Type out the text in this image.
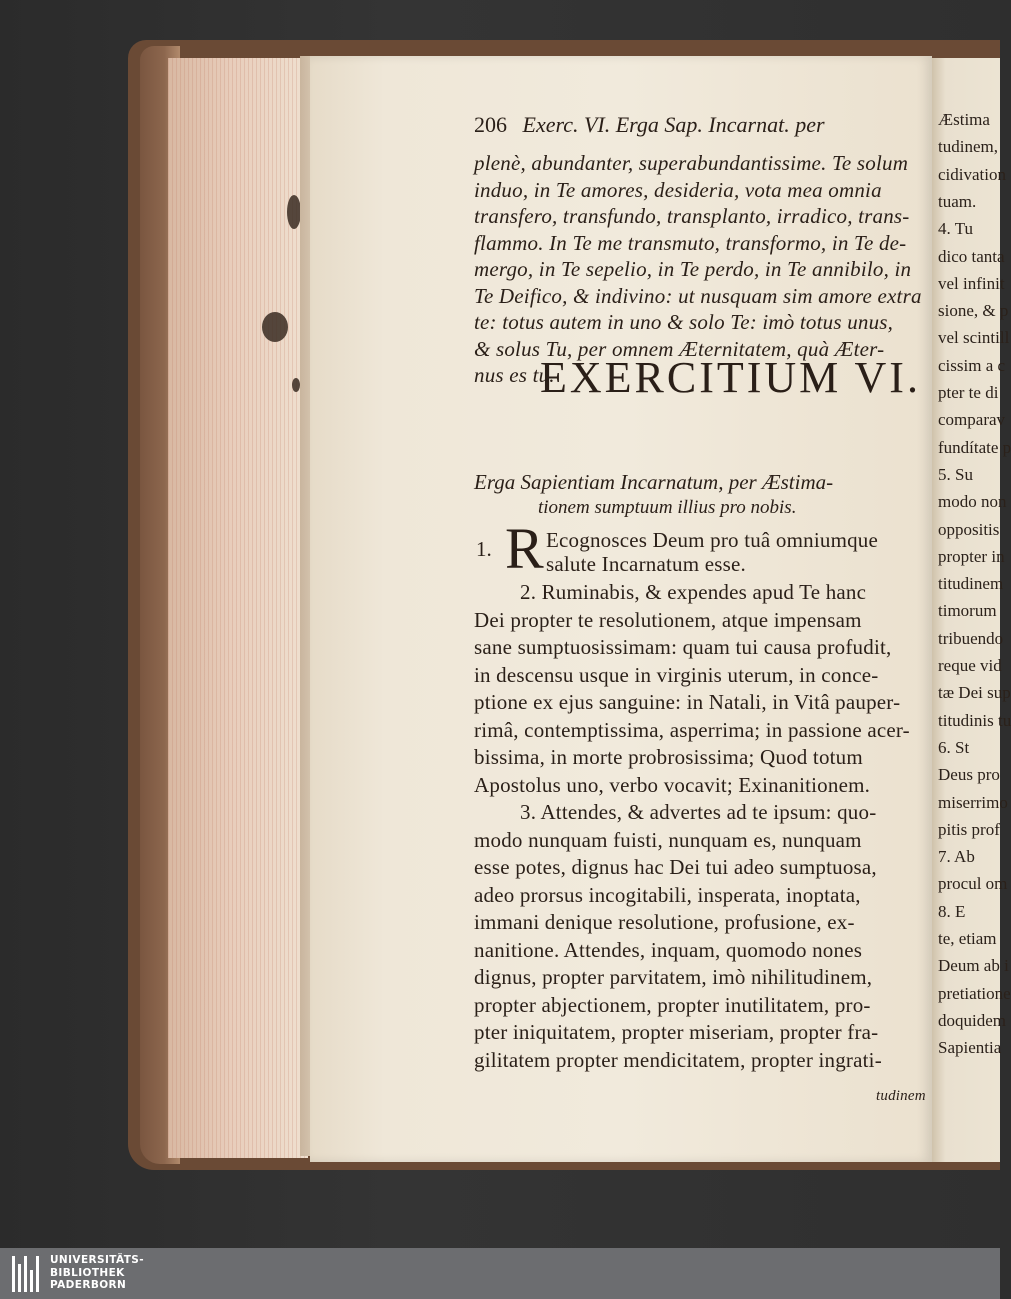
Æstima
tudinem,
cidivation
tuam.
4. Tu
dico tanta
vel infinit
sione, & p
vel scintill
cissim a c
pter te di
comparav
fundítate p
5. Su
modo non
oppositis
propter in
titudinem
timorum
tribuendo
reque vid
tæ Dei sup
titudinis tu
6. St
Deus pro
miserrimo
pitis prof
7. Ab
procul om
8. E
te, etiam
Deum ab i
pretiatione
doquidem
Sapientia
206 Exerc. VI. Erga Sap. Incarnat. per
plenè, abundanter, superabundantissime. Te solum
induo, in Te amores, desideria, vota mea omnia
transfero, transfundo, transplanto, irradico, trans-
flammo. In Te me transmuto, transformo, in Te de-
mergo, in Te sepelio, in Te perdo, in Te annibilo, in
Te Deifico, & indivino: ut nusquam sim amore extra
te: totus autem in uno & solo Te: imò totus unus,
& solus Tu, per omnem Æternitatem, quà Æter-
nus es tu.
EXERCITIUM VI.
Erga Sapientiam Incarnatum, per Æstima-
tionem sumptuum illius pro nobis.
1. R Ecognosces Deum pro tuâ omniumque
salute Incarnatum esse.
2. Ruminabis, & expendes apud Te hanc
Dei propter te resolutionem, atque impensam
sane sumptuosissimam: quam tui causa profudit,
in descensu usque in virginis uterum, in conce-
ptione ex ejus sanguine: in Natali, in Vitâ pauper-
rimâ, contemptissima, asperrima; in passione acer-
bissima, in morte probrosissima; Quod totum
Apostolus uno, verbo vocavit; Exinanitionem.
3. Attendes, & advertes ad te ipsum: quo-
modo nunquam fuisti, nunquam es, nunquam
esse potes, dignus hac Dei tui adeo sumptuosa,
adeo prorsus incogitabili, insperata, inoptata,
immani denique resolutione, profusione, ex-
nanitione. Attendes, inquam, quomodo nones
dignus, propter parvitatem, imò nihilitudinem,
propter abjectionem, propter inutilitatem, pro-
pter iniquitatem, propter miseriam, propter fra-
gilitatem propter mendicitatem, propter ingrati-
tudinem
UNIVERSITÄTS-
BIBLIOTHEK
PADERBORN
